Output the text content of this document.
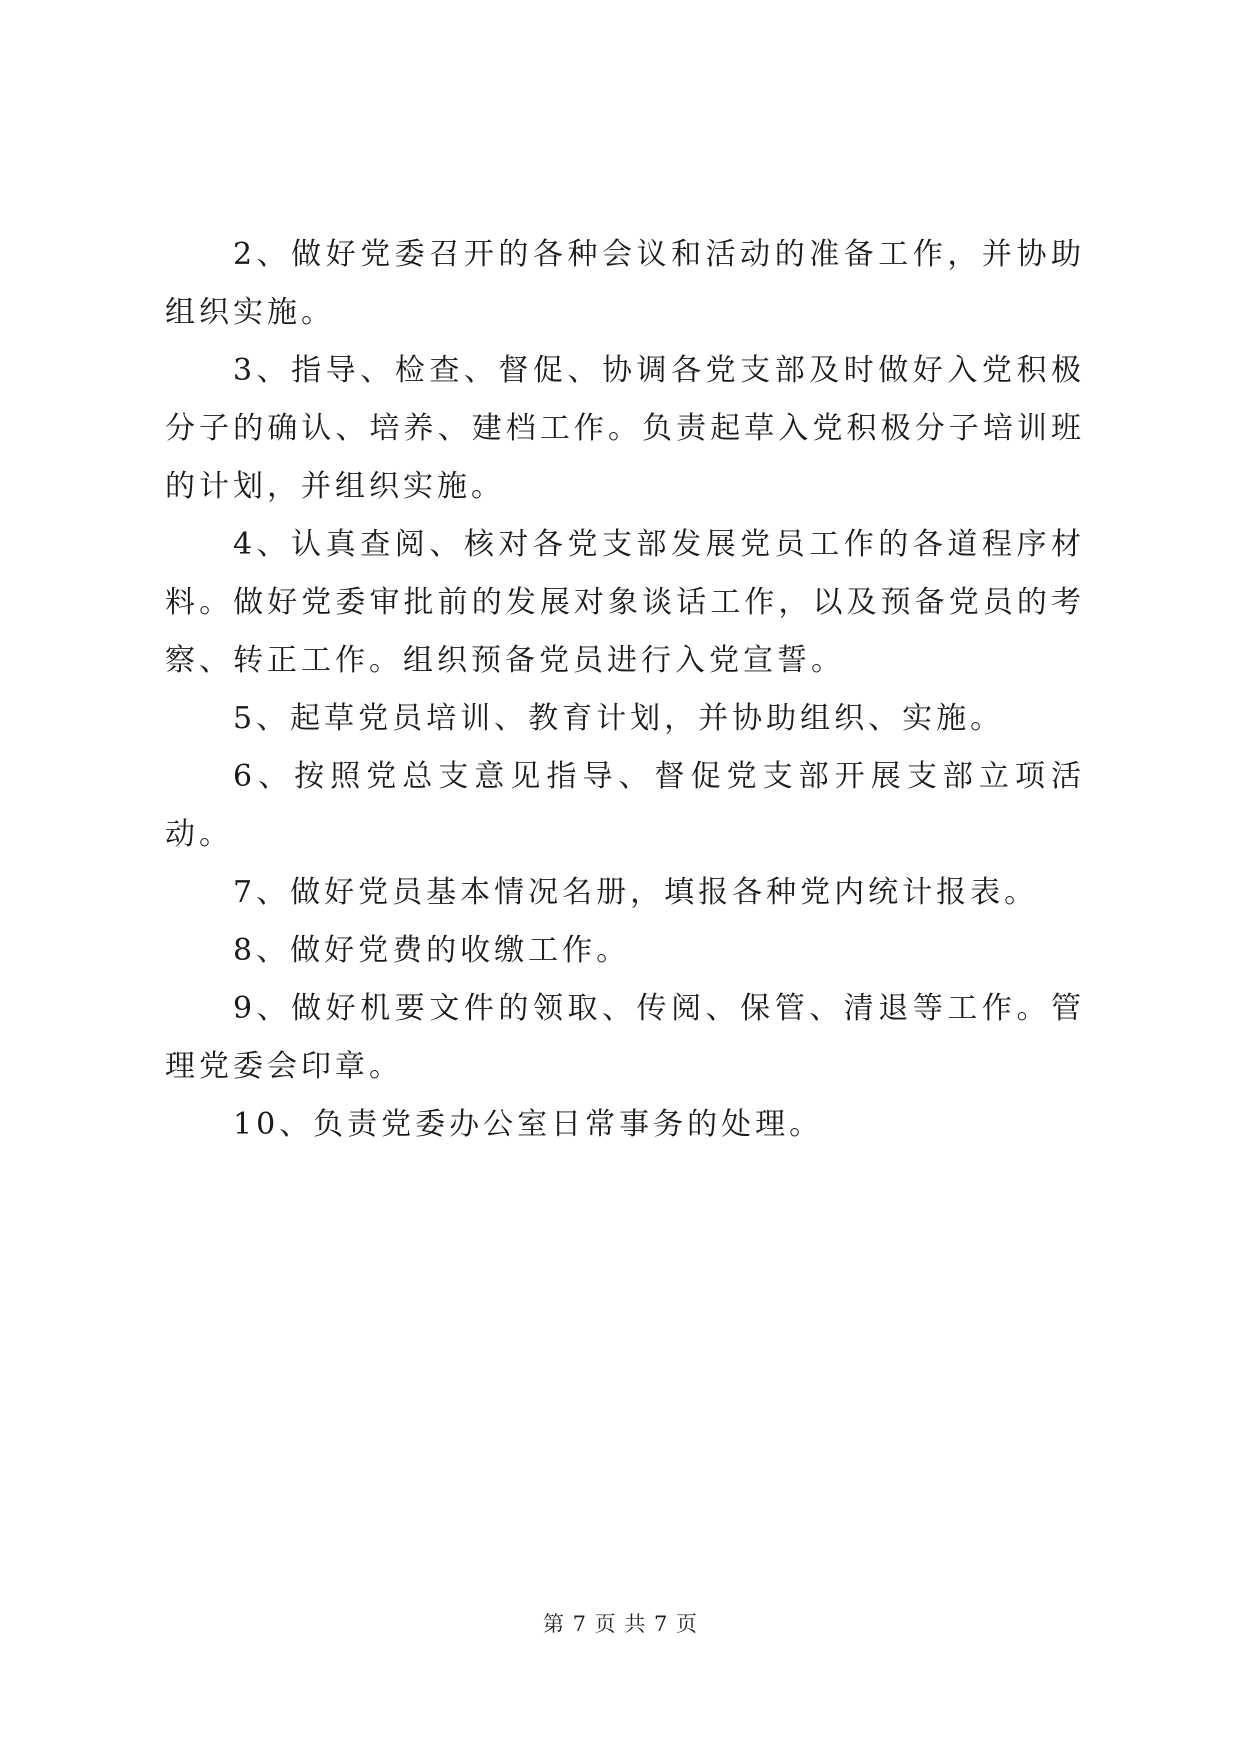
2、做好党委召开的各种会议和活动的准备工作，并协助组织实施。

3、指导、检查、督促、协调各党支部及时做好入党积极分子的确认、培养、建档工作。负责起草入党积极分子培训班的计划，并组织实施。

4、认真查阅、核对各党支部发展党员工作的各道程序材料。做好党委审批前的发展对象谈话工作，以及预备党员的考察、转正工作。组织预备党员进行入党宣誓。

5、起草党员培训、教育计划，并协助组织、实施。

6、按照党总支意见指导、督促党支部开展支部立项活动。

7、做好党员基本情况名册，填报各种党内统计报表。

8、做好党费的收缴工作。

9、做好机要文件的领取、传阅、保管、清退等工作。管理党委会印章。

10、负责党委办公室日常事务的处理。

第 7 页 共 7 页
